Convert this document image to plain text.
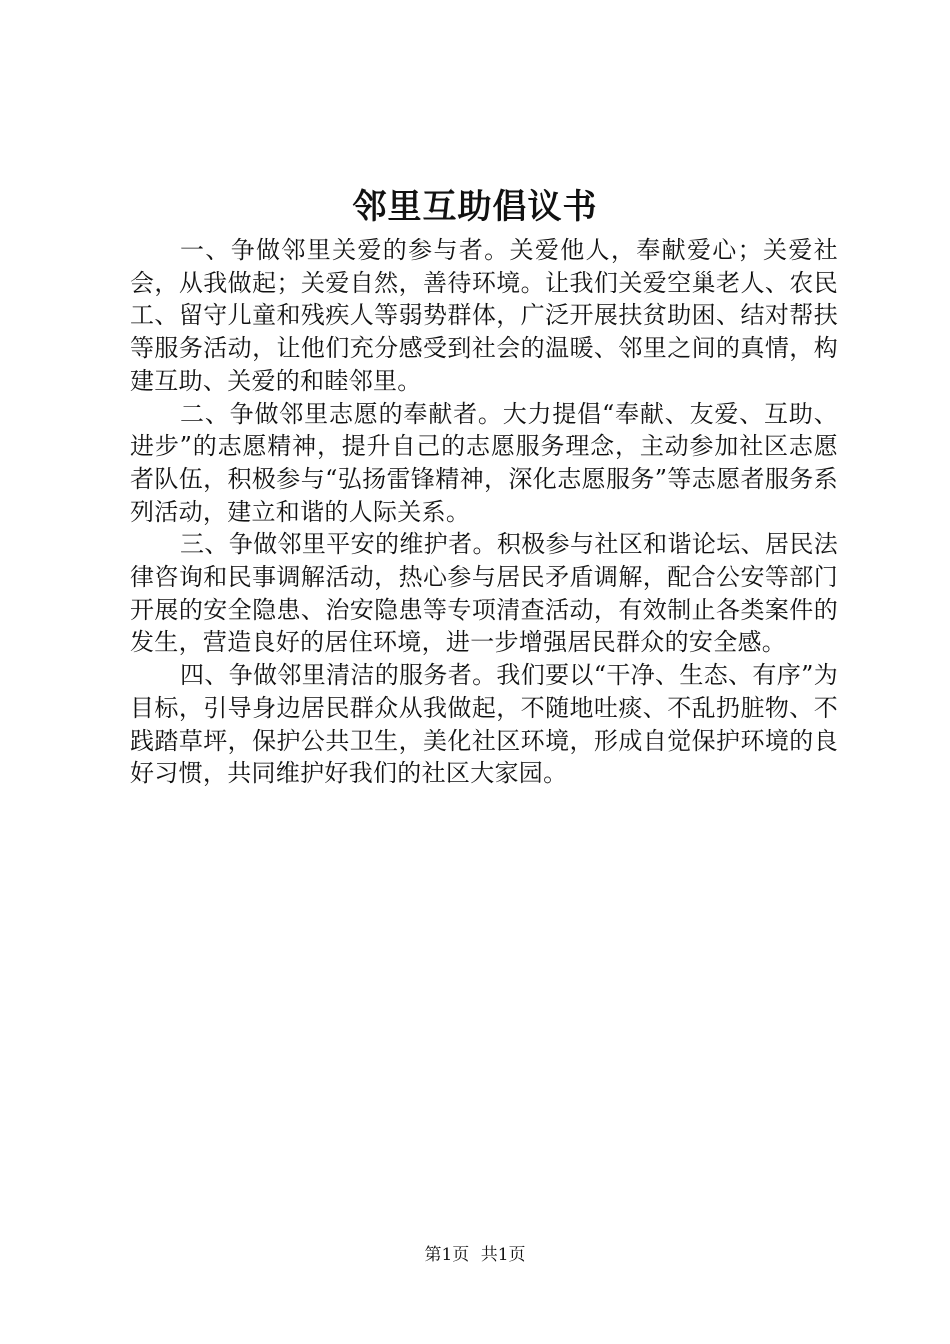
邻里互助倡议书

一、争做邻里关爱的参与者。关爱他人，奉献爱心；关爱社会，从我做起；关爱自然，善待环境。让我们关爱空巢老人、农民工、留守儿童和残疾人等弱势群体，广泛开展扶贫助困、结对帮扶等服务活动，让他们充分感受到社会的温暖、邻里之间的真情，构建互助、关爱的和睦邻里。

二、争做邻里志愿的奉献者。大力提倡“奉献、友爱、互助、进步”的志愿精神，提升自己的志愿服务理念，主动参加社区志愿者队伍，积极参与“弘扬雷锋精神，深化志愿服务”等志愿者服务系列活动，建立和谐的人际关系。

三、争做邻里平安的维护者。积极参与社区和谐论坛、居民法律咨询和民事调解活动，热心参与居民矛盾调解，配合公安等部门开展的安全隐患、治安隐患等专项清查活动，有效制止各类案件的发生，营造良好的居住环境，进一步增强居民群众的安全感。

四、争做邻里清洁的服务者。我们要以“干净、生态、有序”为目标，引导身边居民群众从我做起，不随地吐痰、不乱扔脏物、不践踏草坪，保护公共卫生，美化社区环境，形成自觉保护环境的良好习惯，共同维护好我们的社区大家园。

第1页 共1页
